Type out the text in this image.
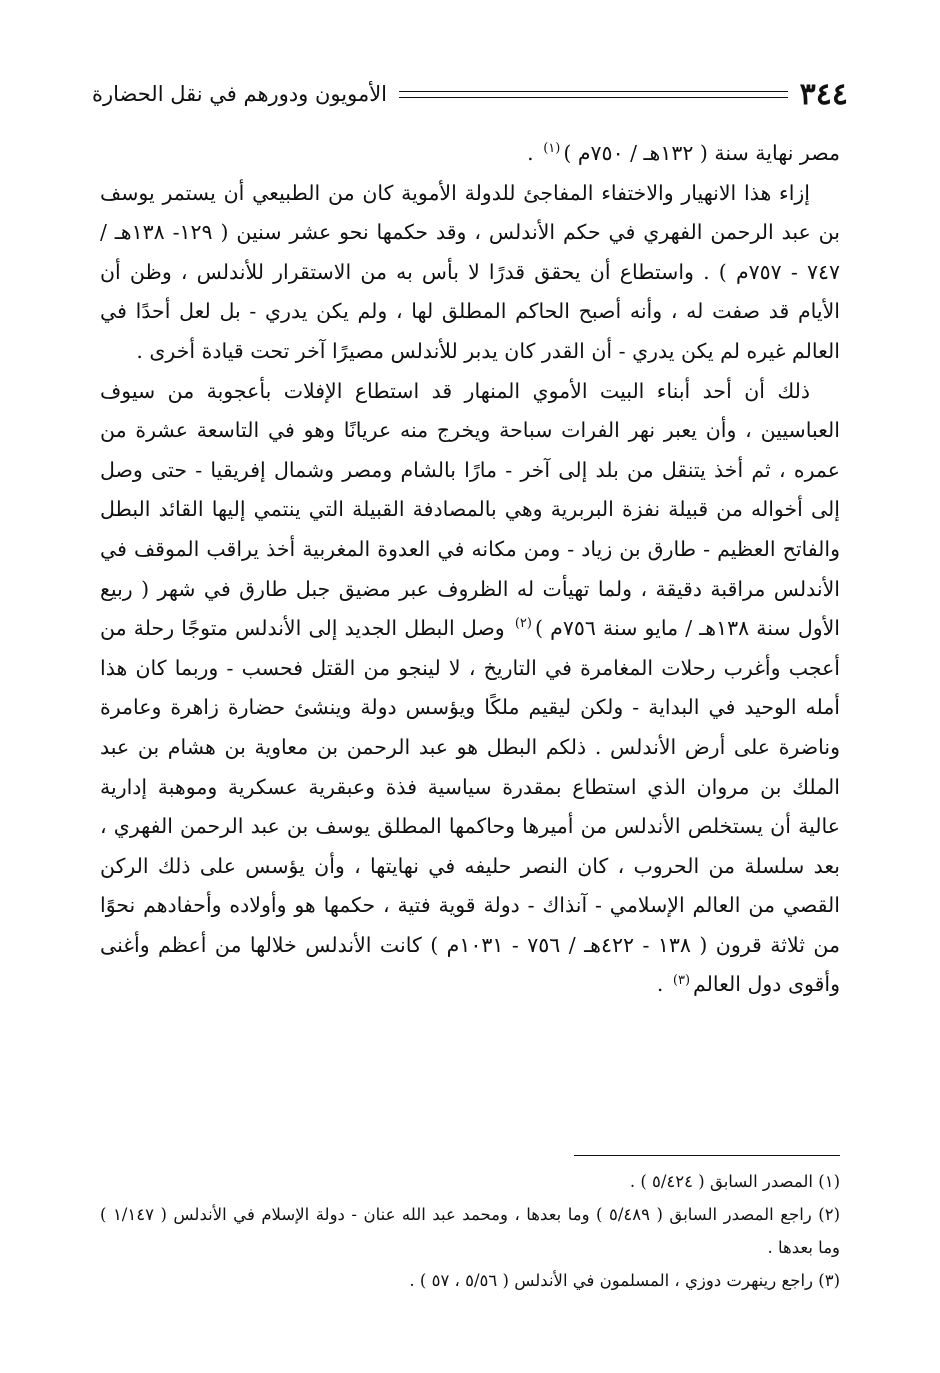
٣٤٤
الأمويون ودورهم في نقل الحضارة

مصر نهاية سنة ( ١٣٢هـ / ٧٥٠م )$^{(١)}$ .

إزاء هذا الانهيار والاختفاء المفاجئ للدولة الأموية كان من الطبيعي أن يستمر يوسف بن عبد الرحمن الفهري في حكم الأندلس ، وقد حكمها نحو عشر سنين ( ١٢٩- ١٣٨هـ / ٧٤٧ - ٧٥٧م ) . واستطاع أن يحقق قدرًا لا بأس به من الاستقرار للأندلس ، وظن أن الأيام قد صفت له ، وأنه أصبح الحاكم المطلق لها ، ولم يكن يدري - بل لعل أحدًا في العالم غيره لم يكن يدري - أن القدر كان يدبر للأندلس مصيرًا آخر تحت قيادة أخرى .

ذلك أن أحد أبناء البيت الأموي المنهار قد استطاع الإفلات بأعجوبة من سيوف العباسيين ، وأن يعبر نهر الفرات سباحة ويخرج منه عريانًا وهو في التاسعة عشرة من عمره ، ثم أخذ يتنقل من بلد إلى آخر - مارًا بالشام ومصر وشمال إفريقيا - حتى وصل إلى أخواله من قبيلة نفزة البربرية وهي بالمصادفة القبيلة التي ينتمي إليها القائد البطل والفاتح العظيم - طارق بن زياد - ومن مكانه في العدوة المغربية أخذ يراقب الموقف في الأندلس مراقبة دقيقة ، ولما تهيأت له الظروف عبر مضيق جبل طارق في شهر ( ربيع الأول سنة ١٣٨هـ / مايو سنة ٧٥٦م )$^{(٢)}$ وصل البطل الجديد إلى الأندلس متوجًا رحلة من أعجب وأغرب رحلات المغامرة في التاريخ ، لا لينجو من القتل فحسب - وربما كان هذا أمله الوحيد في البداية - ولكن ليقيم ملكًا ويؤسس دولة وينشئ حضارة زاهرة وعامرة وناضرة على أرض الأندلس . ذلكم البطل هو عبد الرحمن بن معاوية بن هشام بن عبد الملك بن مروان الذي استطاع بمقدرة سياسية فذة وعبقرية عسكرية وموهبة إدارية عالية أن يستخلص الأندلس من أميرها وحاكمها المطلق يوسف بن عبد الرحمن الفهري ، بعد سلسلة من الحروب ، كان النصر حليفه في نهايتها ، وأن يؤسس على ذلك الركن القصي من العالم الإسلامي - آنذاك - دولة قوية فتية ، حكمها هو وأولاده وأحفادهم نحوًا من ثلاثة قرون ( ١٣٨ - ٤٢٢هـ / ٧٥٦ - ١٠٣١م ) كانت الأندلس خلالها من أعظم وأغنى وأقوى دول العالم$^{(٣)}$ .

(١) المصدر السابق ( ٥/٤٢٤ ) .

(٢) راجع المصدر السابق ( ٥/٤٨٩ ) وما بعدها ، ومحمد عبد الله عنان - دولة الإسلام في الأندلس ( ١/١٤٧ ) وما بعدها .

(٣) راجع رينهرت دوزي ، المسلمون في الأندلس ( ٥/٥٦ ، ٥٧ ) .
